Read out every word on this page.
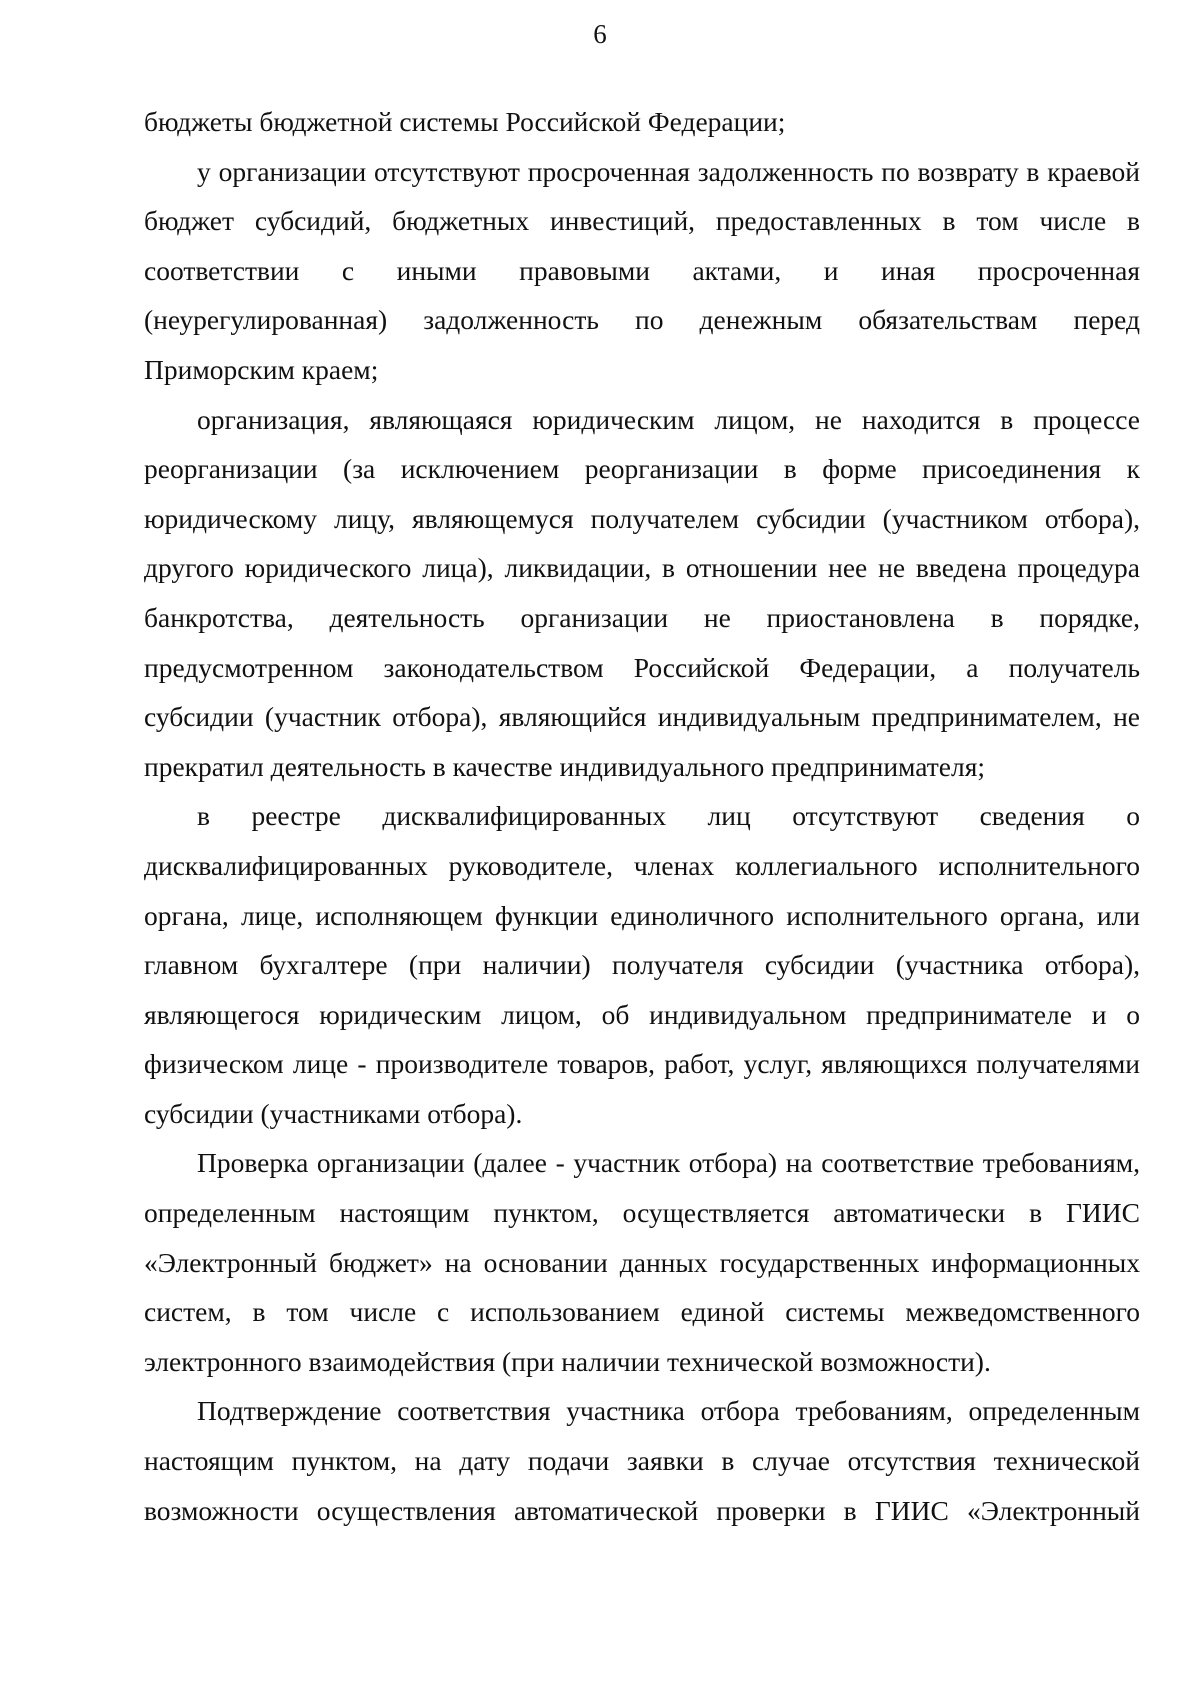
6

бюджеты бюджетной системы Российской Федерации;

у организации отсутствуют просроченная задолженность по возврату в краевой бюджет субсидий, бюджетных инвестиций, предоставленных в том числе в соответствии с иными правовыми актами, и иная просроченная (неурегулированная) задолженность по денежным обязательствам перед Приморским краем;

организация, являющаяся юридическим лицом, не находится в процессе реорганизации (за исключением реорганизации в форме присоединения к юридическому лицу, являющемуся получателем субсидии (участником отбора), другого юридического лица), ликвидации, в отношении нее не введена процедура банкротства, деятельность организации не приостановлена в порядке, предусмотренном законодательством Российской Федерации, а получатель субсидии (участник отбора), являющийся индивидуальным предпринимателем, не прекратил деятельность в качестве индивидуального предпринимателя;

в реестре дисквалифицированных лиц отсутствуют сведения о дисквалифицированных руководителе, членах коллегиального исполнительного органа, лице, исполняющем функции единоличного исполнительного органа, или главном бухгалтере (при наличии) получателя субсидии (участника отбора), являющегося юридическим лицом, об индивидуальном предпринимателе и о физическом лице - производителе товаров, работ, услуг, являющихся получателями субсидии (участниками отбора).

Проверка организации (далее - участник отбора) на соответствие требованиям, определенным настоящим пунктом, осуществляется автоматически в ГИИС «Электронный бюджет» на основании данных государственных информационных систем, в том числе с использованием единой системы межведомственного электронного взаимодействия (при наличии технической возможности).

Подтверждение соответствия участника отбора требованиям, определенным настоящим пунктом, на дату подачи заявки в случае отсутствия технической возможности осуществления автоматической проверки в ГИИС «Электронный
